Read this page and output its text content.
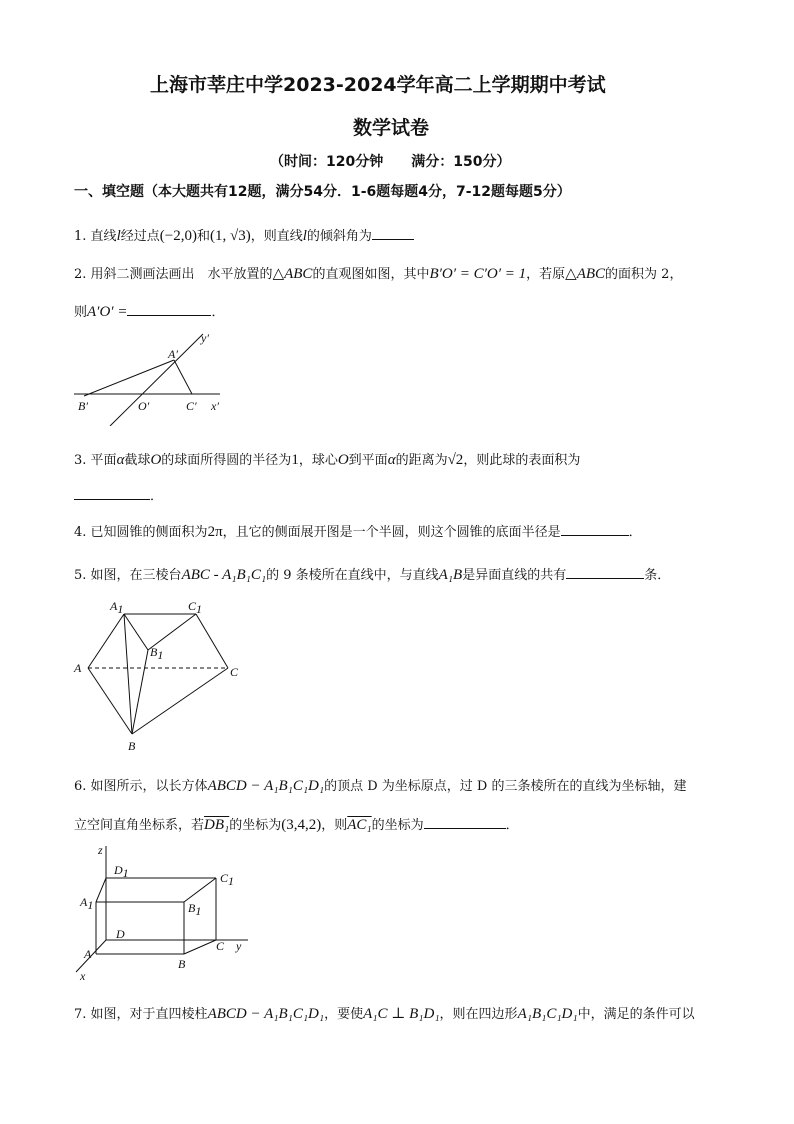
上海市莘庄中学2023-2024学年高二上学期期中考试
数学试卷
（时间：120分钟　　满分：150分）
一、填空题（本大题共有12题，满分54分．1-6题每题4分，7-12题每题5分）
1. 直线l经过点(−2,0)和(1, √3)，则直线l的倾斜角为
2. 用斜二测画法画出　水平放置的△ABC的直观图如图，其中B′O′ = C′O′ = 1，若原△ABC的面积为 2，
则A′O′ =	．
A′
y′
B′	O′	C′ x′
3. 平面α截球O的球面所得圆的半径为1，球心O到平面α的距离为√2，则此球的表面积为
．
4. 已知圆锥的侧面积为2π，且它的侧面展开图是一个半圆，则这个圆锥的底面半径是	．
5. 如图，在三棱台ABC - A₁B₁C₁的 9 条棱所在直线中，与直线A₁B是异面直线的共有	条．
A1	C1
B1
A	C
B
6. 如图所示，以长方体ABCD − A₁B₁C₁D₁的顶点 D 为坐标原点，过 D 的三条棱所在的直线为坐标轴，建
立空间直角坐标系，若DB₁的坐标为(3,4,2)，则AC₁的坐标为	．
z
D1	C1
A1	B1
D
C y
A
B
x
7. 如图，对于直四棱柱ABCD − A₁B₁C₁D₁，要使A₁C ⊥ B₁D₁，则在四边形A₁B₁C₁D₁中，满足的条件可以
